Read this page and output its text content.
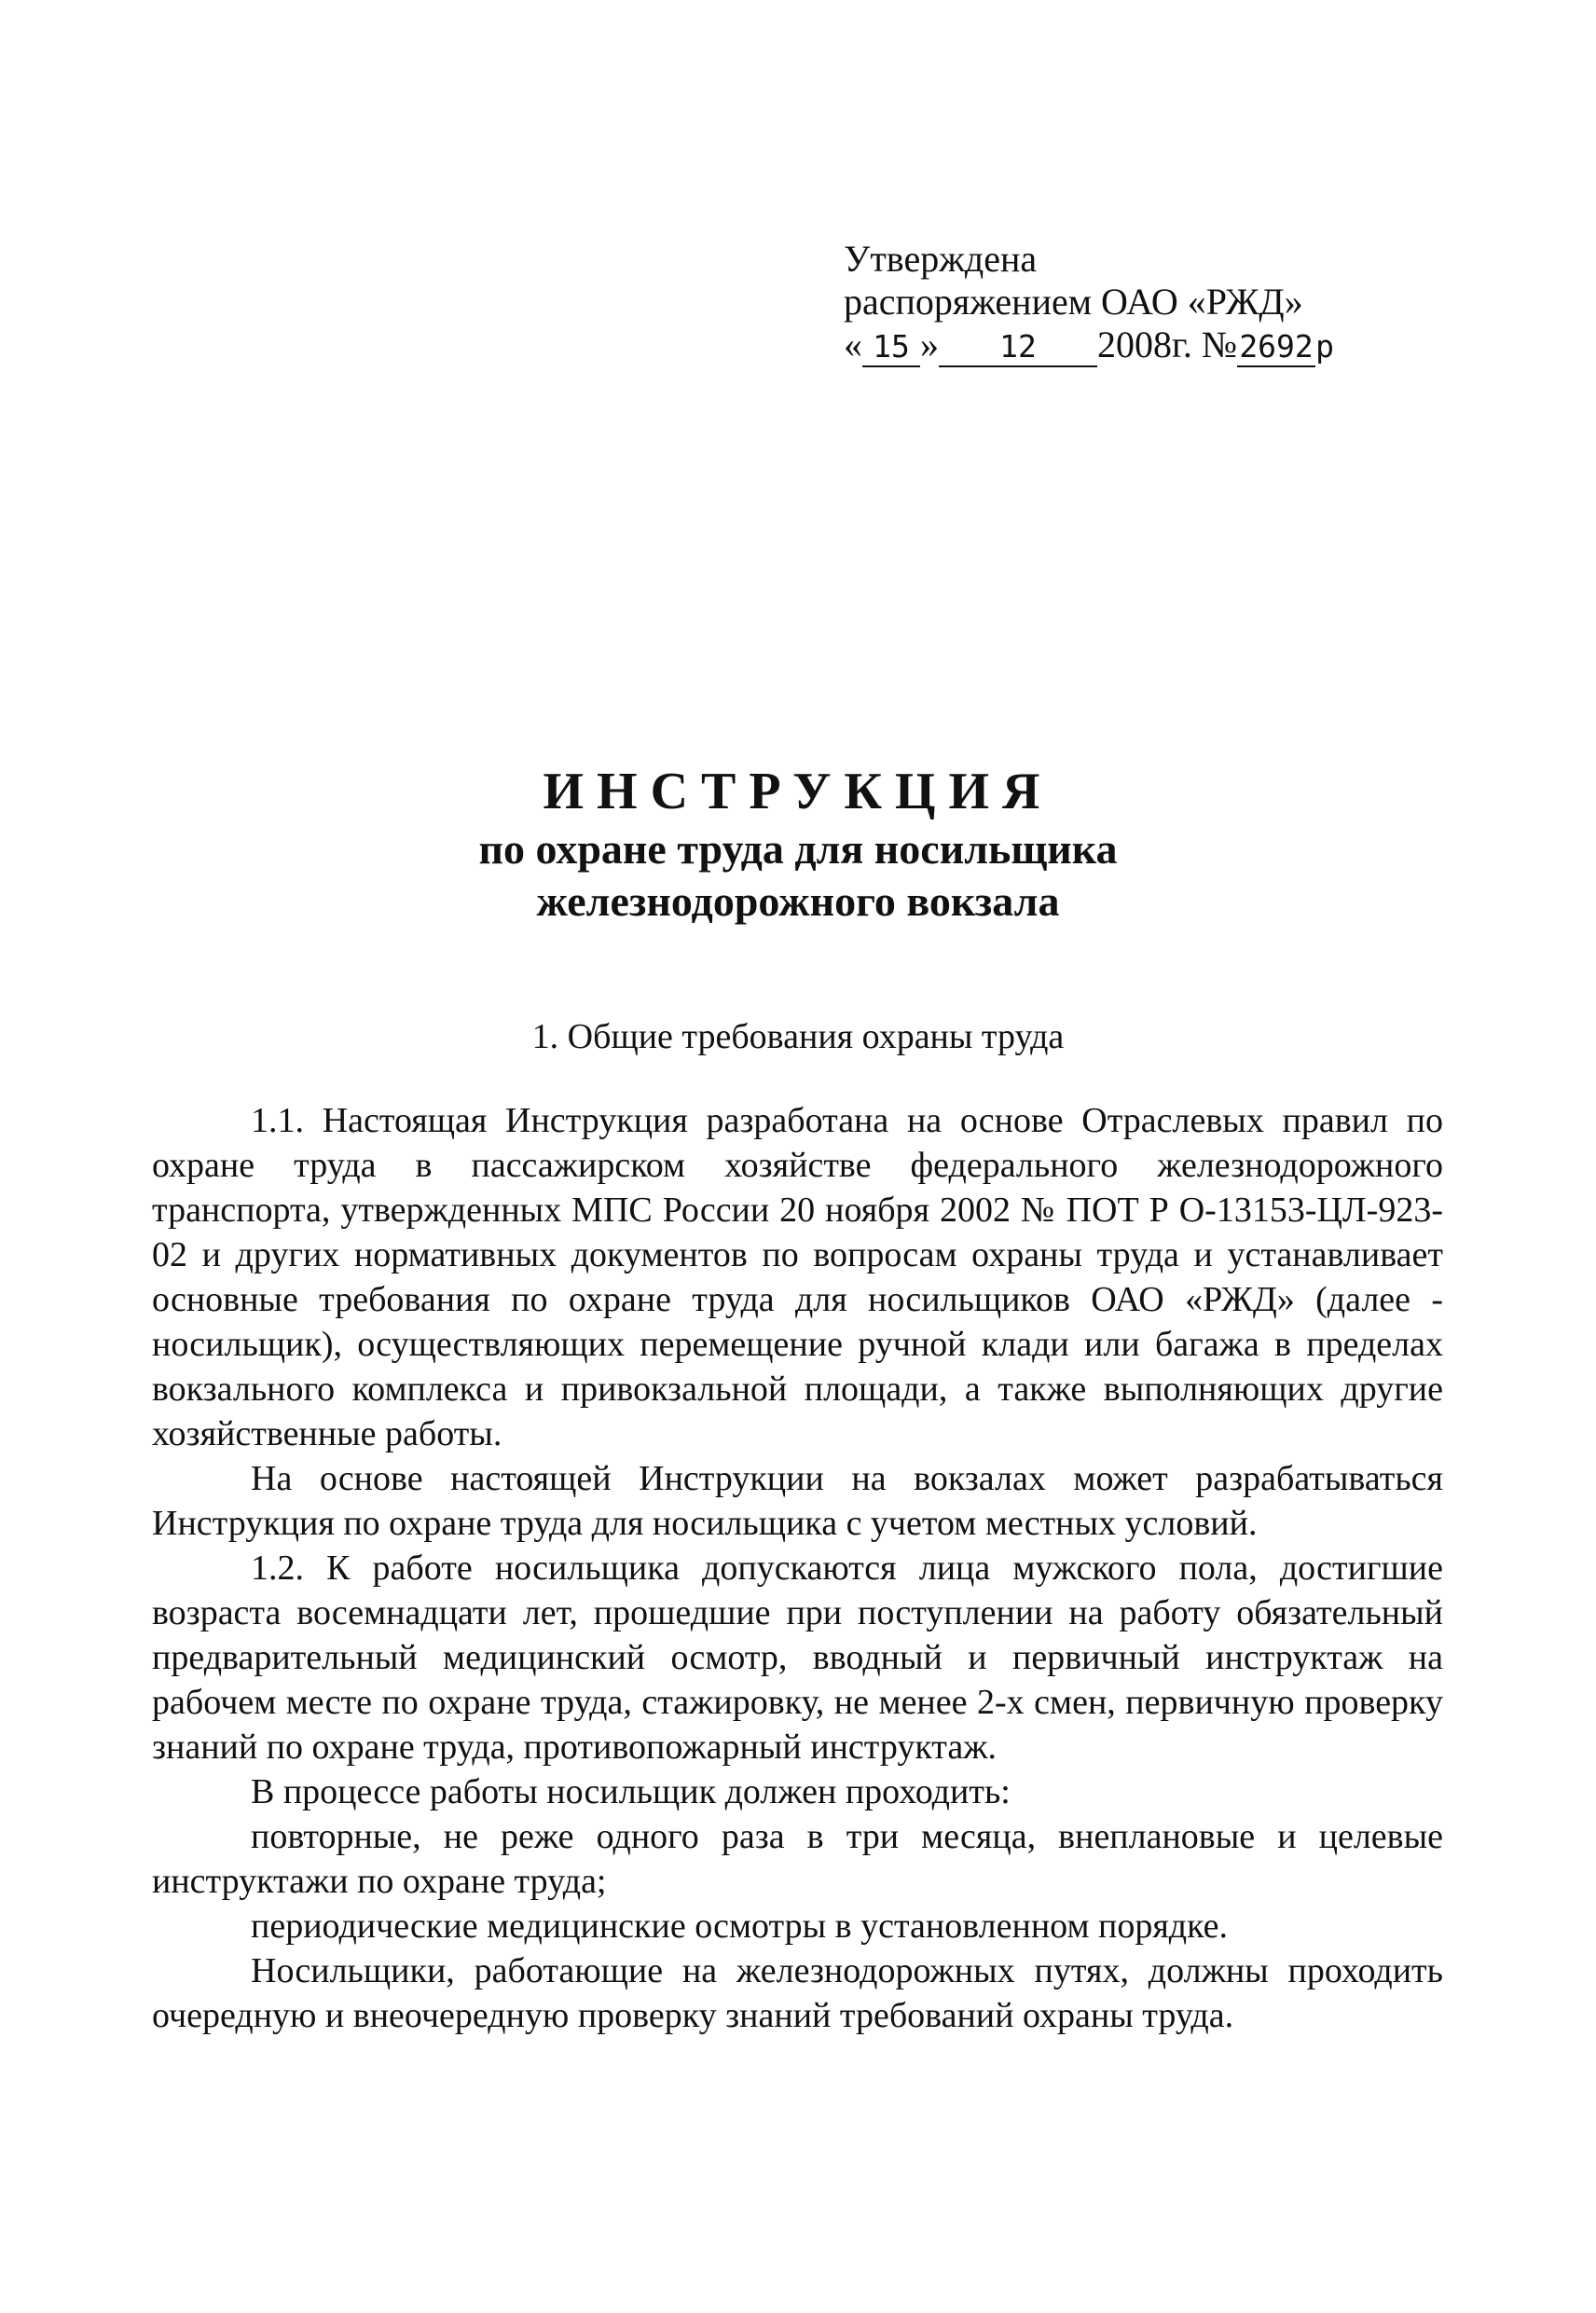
Утверждена
распоряжением ОАО «РЖД»
« 15 » 12 2008г. №2692р
ИНСТРУКЦИЯ
по охране труда для носильщика
железнодорожного вокзала
1. Общие требования охраны труда

1.1. Настоящая Инструкция разработана на основе Отраслевых правил по охране труда в пассажирском хозяйстве федерального железнодорожного транспорта, утвержденных МПС России 20 ноября 2002 № ПОТ Р О-13153-ЦЛ-923-02 и других нормативных документов по вопросам охраны труда и устанавливает основные требования по охране труда для носильщиков ОАО «РЖД» (далее - носильщик), осуществляющих перемещение ручной клади или багажа в пределах вокзального комплекса и привокзальной площади, а также выполняющих другие хозяйственные работы.

На основе настоящей Инструкции на вокзалах может разрабатываться Инструкция по охране труда для носильщика с учетом местных условий.

1.2. К работе носильщика допускаются лица мужского пола, достигшие возраста восемнадцати лет, прошедшие при поступлении на работу обязательный предварительный медицинский осмотр, вводный и первичный инструктаж на рабочем месте по охране труда, стажировку, не менее 2-х смен, первичную проверку знаний по охране труда, противопожарный инструктаж.

В процессе работы носильщик должен проходить:

повторные, не реже одного раза в три месяца, внеплановые и целевые инструктажи по охране труда;

периодические медицинские осмотры в установленном порядке.

Носильщики, работающие на железнодорожных путях, должны проходить очередную и внеочередную проверку знаний требований охраны труда.
